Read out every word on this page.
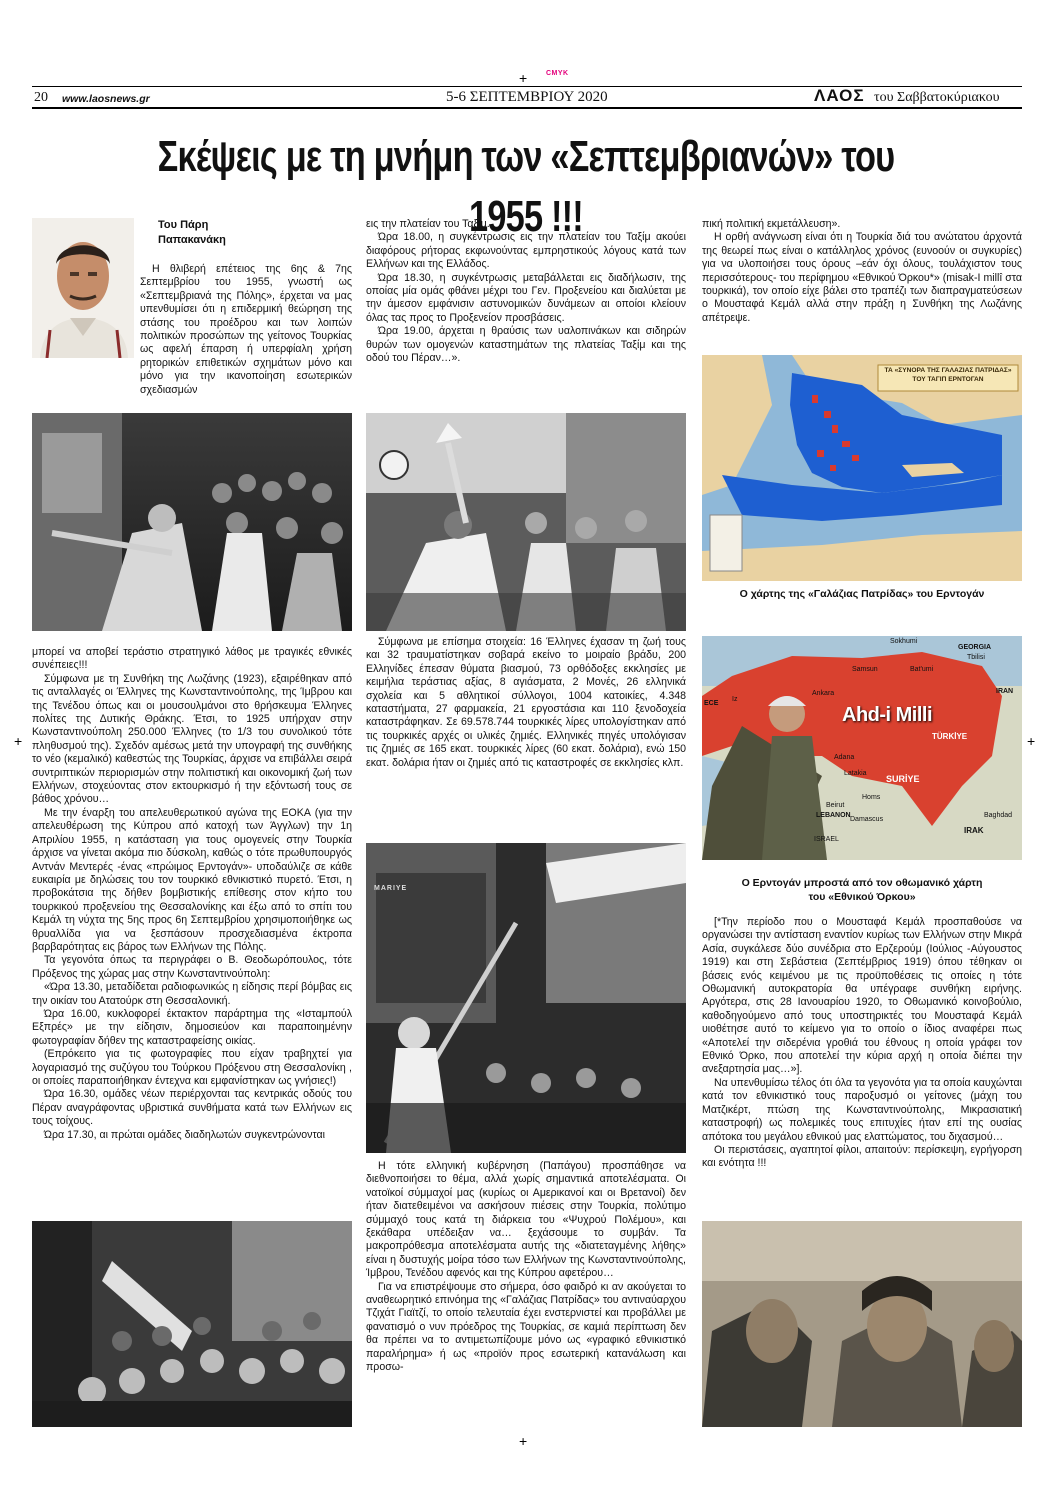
+	CMYK
+	+
+
20 www.laosnews.gr	5-6 ΣΕΠΤΕΜΒΡΙΟΥ 2020	ΛΑΟΣ του Σαββατοκύριακου
Σκέψεις με τη μνήμη των «Σεπτεμβριανών» του 1955 !!!
Του Πάρη
Παπακανάκη

Η θλιβερή επέτειος της 6ης & 7ης Σεπτεμβρίου του 1955, γνωστή ως «Σεπτεμβριανά της Πόλης», έρχεται να μας υπενθυμίσει ότι η επιδερμική θεώρηση της στάσης του προέδρου και των λοιπών πολιτικών προσώπων της γείτονος Τουρκίας ως αφελή έπαρση ή υπερφίαλη χρήση ρητορικών επιθετικών σχημάτων μόνο και μόνο για την ικανοποίηση εσωτερικών σχεδιασμών

εις την πλατείαν του Ταξίμ.

Ώρα 18.00, η συγκέντρωσις εις την πλατείαν του Ταξίμ ακούει διαφόρους ρήτορας εκφωνούντας εμπρηστικούς λόγους κατά των Ελλήνων και της Ελλάδος.

Ώρα 18.30, η συγκέντρωσις μεταβάλλεται εις διαδήλωσιν, της οποίας μία ομάς φθάνει μέχρι του Γεν. Προξενείου και διαλύεται με την άμεσον εμφάνισιν αστυνομικών δυνάμεων αι οποίοι κλείουν όλας τας προς το Προξενείον προσβάσεις.

Ώρα 19.00, άρχεται η θραύσις των υαλοπινάκων και σιδηρών θυρών των ομογενών καταστημάτων της πλατείας Ταξίμ και της οδού του Πέραν…».

πική πολιτική εκμετάλλευση».

Η ορθή ανάγνωση είναι ότι η Τουρκία διά του ανώτατου άρχοντά της θεωρεί πως είναι ο κατάλληλος χρόνος (ευνοούν οι συγκυρίες) για να υλοποιήσει τους όρους –εάν όχι όλους, τουλάχιστον τους περισσότερους- του περίφημου «Εθνικού Όρκου*» (misak-I millî στα τουρκικά), τον οποίο είχε βάλει στο τραπέζι των διαπραγματεύσεων ο Μουσταφά Κεμάλ αλλά στην πράξη η Συνθήκη της Λωζάνης απέτρεψε.

ΤΑ «ΣΥΝΟΡΑ ΤΗΣ ΓΑΛΑΖΙΑΣ ΠΑΤΡΙΔΑΣ»
ΤΟΥ ΤΑΓΙΠ ΕΡΝΤΟΓΑΝ
Ο χάρτης της «Γαλάζιας Πατρίδας» του Ερντογάν

μπορεί να αποβεί τεράστιο στρατηγικό λάθος με τραγικές εθνικές συνέπειες!!!

Σύμφωνα με τη Συνθήκη της Λωζάνης (1923), εξαιρέθηκαν από τις ανταλλαγές οι Έλληνες της Κωνσταντινούπολης, της Ίμβρου και της Τενέδου όπως και οι μουσουλμάνοι στο θρήσκευμα Έλληνες πολίτες της Δυτικής Θράκης. Έτσι, το 1925 υπήρχαν στην Κωνσταντινούπολη 250.000 Έλληνες (το 1/3 του συνολικού τότε πληθυσμού της). Σχεδόν αμέσως μετά την υπογραφή της συνθήκης το νέο (κεμαλικό) καθεστώς της Τουρκίας, άρχισε να επιβάλλει σειρά συντριπτικών περιορισμών στην πολιτιστική και οικονομική ζωή των Ελλήνων, στοχεύοντας στον εκτουρκισμό ή την εξόντωσή τους σε βάθος χρόνου…

Με την έναρξη του απελευθερωτικού αγώνα της ΕΟΚΑ (για την απελευθέρωση της Κύπρου από κατοχή των Άγγλων) την 1η Απριλίου 1955, η κατάσταση για τους ομογενείς στην Τουρκία άρχισε να γίνεται ακόμα πιο δύσκολη, καθώς ο τότε πρωθυπουργός Αντνάν Μεντερές -ένας «πρώιμος Ερντογάν»- υποδαύλιζε σε κάθε ευκαιρία με δηλώσεις του τον τουρκικό εθνικιστικό πυρετό. Έτσι, η προβοκάτσια της δήθεν βομβιστικής επίθεσης στον κήπο του τουρκικού προξενείου της Θεσσαλονίκης και έξω από το σπίτι του Κεμάλ τη νύχτα της 5ης προς 6η Σεπτεμβρίου χρησιμοποιήθηκε ως θρυαλλίδα για να ξεσπάσουν προσχεδιασμένα έκτροπα βαρβαρότητας εις βάρος των Ελλήνων της Πόλης.

Τα γεγονότα όπως τα περιγράφει ο Β. Θεοδωρόπουλος, τότε Πρόξενος της χώρας μας στην Κωνσταντινούπολη:

«Ώρα 13.30, μεταδίδεται ραδιοφωνικώς η είδησις περί βόμβας εις την οικίαν του Ατατούρκ στη Θεσσαλονική.

Ώρα 16.00, κυκλοφορεί έκτακτον παράρτημα της «Ισταμπούλ Εξπρές» με την είδησιν, δημοσιεύον και παραποιημένην φωτογραφίαν δήθεν της καταστραφείσης οικίας.

(Επρόκειτο για τις φωτογραφίες που είχαν τραβηχτεί για λογαριασμό της συζύγου του Τούρκου Πρόξενου στη Θεσσαλονίκη , οι οποίες παραποιήθηκαν έντεχνα και εμφανίστηκαν ως γνήσιες!)

Ώρα 16.30, ομάδες νέων περιέρχονται τας κεντρικάς οδούς του Πέραν αναγράφοντας υβριστικά συνθήματα κατά των Ελλήνων εις τους τοίχους.

Ώρα 17.30, αι πρώται ομάδες διαδηλωτών συγκεντρώνονται

Σύμφωνα με επίσημα στοιχεία: 16 Έλληνες έχασαν τη ζωή τους και 32 τραυματίστηκαν σοβαρά εκείνο το μοιραίο βράδυ, 200 Ελληνίδες έπεσαν θύματα βιασμού, 73 ορθόδοξες εκκλησίες με κειμήλια τεράστιας αξίας, 8 αγιάσματα, 2 Μονές, 26 ελληνικά σχολεία και 5 αθλητικοί σύλλογοι, 1004 κατοικίες, 4.348 καταστήματα, 27 φαρμακεία, 21 εργοστάσια και 110 ξενοδοχεία καταστράφηκαν. Σε 69.578.744 τουρκικές λίρες υπολογίστηκαν από τις τουρκικές αρχές οι υλικές ζημιές. Ελληνικές πηγές υπολόγισαν τις ζημιές σε 165 εκατ. τουρκικές λίρες (60 εκατ. δολάρια), ενώ 150 εκατ. δολάρια ήταν οι ζημιές από τις καταστροφές σε εκκλησίες κλπ.

Ahd-i Milli
Sokhumi
GEORGIA
Tbilisi
Samsun	Bat'umi
Ankara	IRAN
TÜRKİYE
Adana
Latakia
SURİYE
Beirut
LEBANON
Damascus
Homs
IRAK
Baghdad
ISRAEL
ECE
Iz
Ο Ερντογάν μπροστά από τον οθωμανικό χάρτη
του «Εθνικού Όρκου»

[*Την περίοδο που ο Μουσταφά Κεμάλ προσπαθούσε να οργανώσει την αντίσταση εναντίον κυρίως των Ελλήνων στην Μικρά Ασία, συγκάλεσε δύο συνέδρια στο Ερζερούμ (Ιούλιος -Αύγουστος 1919) και στη Σεβάστεια (Σεπτέμβριος 1919) όπου τέθηκαν οι βάσεις ενός κειμένου με τις προϋποθέσεις τις οποίες η τότε Οθωμανική αυτοκρατορία θα υπέγραφε συνθήκη ειρήνης. Αργότερα, στις 28 Ιανουαρίου 1920, το Οθωμανικό κοινοβούλιο, καθοδηγούμενο από τους υποστηρικτές του Μουσταφά Κεμάλ υιοθέτησε αυτό το κείμενο για το οποίο ο ίδιος αναφέρει πως «Αποτελεί την σιδερένια γροθιά του έθνους η οποία γράφει τον Εθνικό Όρκο, που αποτελεί την κύρια αρχή η οποία διέπει την ανεξαρτησία μας…»].

Να υπενθυμίσω τέλος ότι όλα τα γεγονότα για τα οποία καυχώνται κατά τον εθνικιστικό τους παροξυσμό οι γείτονες (μάχη του Ματζικέρτ, πτώση της Κωνσταντινούπολης, Μικρασιατική καταστροφή) ως πολεμικές τους επιτυχίες ήταν επί της ουσίας απότοκα του μεγάλου εθνικού μας ελαττώματος, του διχασμού…

Οι περιστάσεις, αγαπητοί φίλοι, απαιτούν: περίσκεψη, εγρήγορση και ενότητα !!!

MARIYE

Η τότε ελληνική κυβέρνηση (Παπάγου) προσπάθησε να διεθνοποιήσει το θέμα, αλλά χωρίς σημαντικά αποτελέσματα. Οι νατοϊκοί σύμμαχοί μας (κυρίως οι Αμερικανοί και οι Βρετανοί) δεν ήταν διατεθειμένοι να ασκήσουν πιέσεις στην Τουρκία, πολύτιμο σύμμαχό τους κατά τη διάρκεια του «Ψυχρού Πολέμου», και ξεκάθαρα υπέδειξαν να… ξεχάσουμε το συμβάν. Τα μακροπρόθεσμα αποτελέσματα αυτής της «διατεταγμένης λήθης» είναι η δυστυχής μοίρα τόσο των Ελλήνων της Κωνσταντινούπολης, Ίμβρου, Τενέδου αφενός και της Κύπρου αφετέρου…

Για να επιστρέψουμε στο σήμερα, όσο φαιδρό κι αν ακούγεται το αναθεωρητικό επινόημα της «Γαλάζιας Πατρίδας» του αντιναύαρχου Τζιχάτ Γιαϊτζί, το οποίο τελευταία έχει ενστερνιστεί και προβάλλει με φανατισμό ο νυν πρόεδρος της Τουρκίας, σε καμιά περίπτωση δεν θα πρέπει να το αντιμετωπίζουμε μόνο ως «γραφικό εθνικιστικό παραλήρημα» ή ως «προϊόν προς εσωτερική κατανάλωση και προσω-
